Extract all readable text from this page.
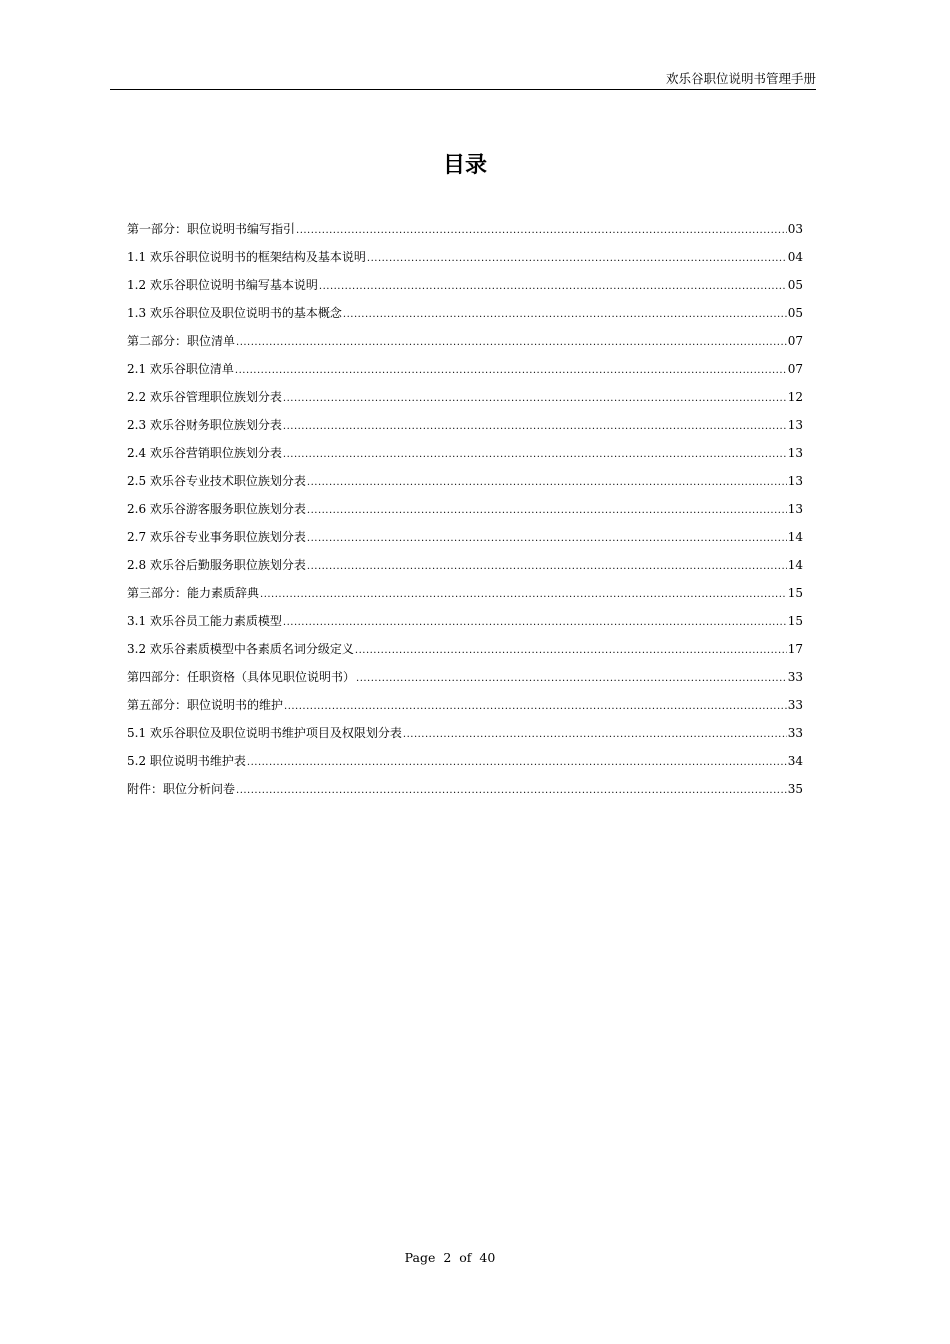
欢乐谷职位说明书管理手册
目录
第一部分：职位说明书编写指引 .....	03
1.1 欢乐谷职位说明书的框架结构及基本说明 .....	04
1.2 欢乐谷职位说明书编写基本说明 .....	05
1.3 欢乐谷职位及职位说明书的基本概念 .....	05
第二部分：职位清单 .....	07
2.1 欢乐谷职位清单 .....	07
2.2 欢乐谷管理职位族划分表 .....	12
2.3 欢乐谷财务职位族划分表 .....	13
2.4 欢乐谷营销职位族划分表 .....	13
2.5 欢乐谷专业技术职位族划分表 .....	13
2.6 欢乐谷游客服务职位族划分表 .....	13
2.7 欢乐谷专业事务职位族划分表 .....	14
2.8 欢乐谷后勤服务职位族划分表 .....	14
第三部分：能力素质辞典 .....	15
3.1 欢乐谷员工能力素质模型 .....	15
3.2 欢乐谷素质模型中各素质名词分级定义 .....	17
第四部分：任职资格（具体见职位说明书） .....	33
第五部分：职位说明书的维护 .....	33
5.1 欢乐谷职位及职位说明书维护项目及权限划分表 .....	33
5.2 职位说明书维护表 .....	34
附件：职位分析问卷 .....	35
Page 2 of 40
